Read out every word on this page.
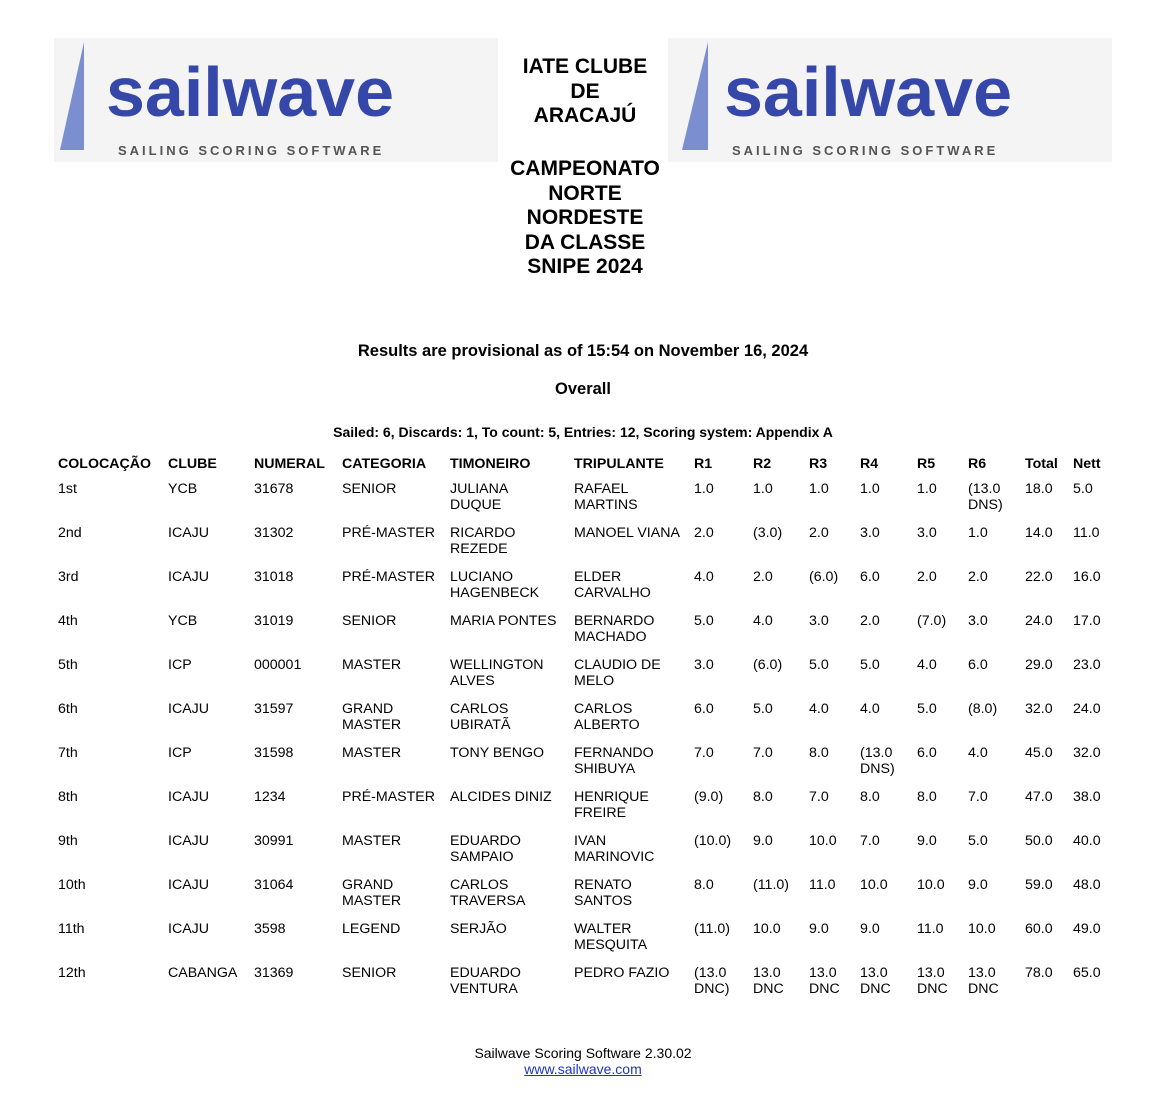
sailwave
SAILING SCORING SOFTWARE
sailwave
SAILING SCORING SOFTWARE
IATE CLUBE
DE
ARACAJÚ
CAMPEONATO
NORTE
NORDESTE
DA CLASSE
SNIPE 2024
Results are provisional as of 15:54 on November 16, 2024
Overall
Sailed: 6, Discards: 1, To count: 5, Entries: 12, Scoring system: Appendix A
COLOCAÇÃO	CLUBE	NUMERAL	CATEGORIA	TIMONEIRO	TRIPULANTE	R1	R2	R3	R4	R5	R6	Total	Nett
1st	YCB	31678	SENIOR	JULIANA DUQUE	RAFAEL MARTINS	1.0	1.0	1.0	1.0	1.0	(13.0 DNS)	18.0	5.0
2nd	ICAJU	31302	PRÉ-MASTER	RICARDO REZEDE	MANOEL VIANA	2.0	(3.0)	2.0	3.0	3.0	1.0	14.0	11.0
3rd	ICAJU	31018	PRÉ-MASTER	LUCIANO HAGENBECK	ELDER CARVALHO	4.0	2.0	(6.0)	6.0	2.0	2.0	22.0	16.0
4th	YCB	31019	SENIOR	MARIA PONTES	BERNARDO MACHADO	5.0	4.0	3.0	2.0	(7.0)	3.0	24.0	17.0
5th	ICP	000001	MASTER	WELLINGTON ALVES	CLAUDIO DE MELO	3.0	(6.0)	5.0	5.0	4.0	6.0	29.0	23.0
6th	ICAJU	31597	GRAND MASTER	CARLOS UBIRATÃ	CARLOS ALBERTO	6.0	5.0	4.0	4.0	5.0	(8.0)	32.0	24.0
7th	ICP	31598	MASTER	TONY BENGO	FERNANDO SHIBUYA	7.0	7.0	8.0	(13.0 DNS)	6.0	4.0	45.0	32.0
8th	ICAJU	1234	PRÉ-MASTER	ALCIDES DINIZ	HENRIQUE FREIRE	(9.0)	8.0	7.0	8.0	8.0	7.0	47.0	38.0
9th	ICAJU	30991	MASTER	EDUARDO SAMPAIO	IVAN MARINOVIC	(10.0)	9.0	10.0	7.0	9.0	5.0	50.0	40.0
10th	ICAJU	31064	GRAND MASTER	CARLOS TRAVERSA	RENATO SANTOS	8.0	(11.0)	11.0	10.0	10.0	9.0	59.0	48.0
11th	ICAJU	3598	LEGEND	SERJÃO	WALTER MESQUITA	(11.0)	10.0	9.0	9.0	11.0	10.0	60.0	49.0
12th	CABANGA	31369	SENIOR	EDUARDO VENTURA	PEDRO FAZIO	(13.0 DNC)	13.0 DNC	13.0 DNC	13.0 DNC	13.0 DNC	13.0 DNC	78.0	65.0
Sailwave Scoring Software 2.30.02
www.sailwave.com
